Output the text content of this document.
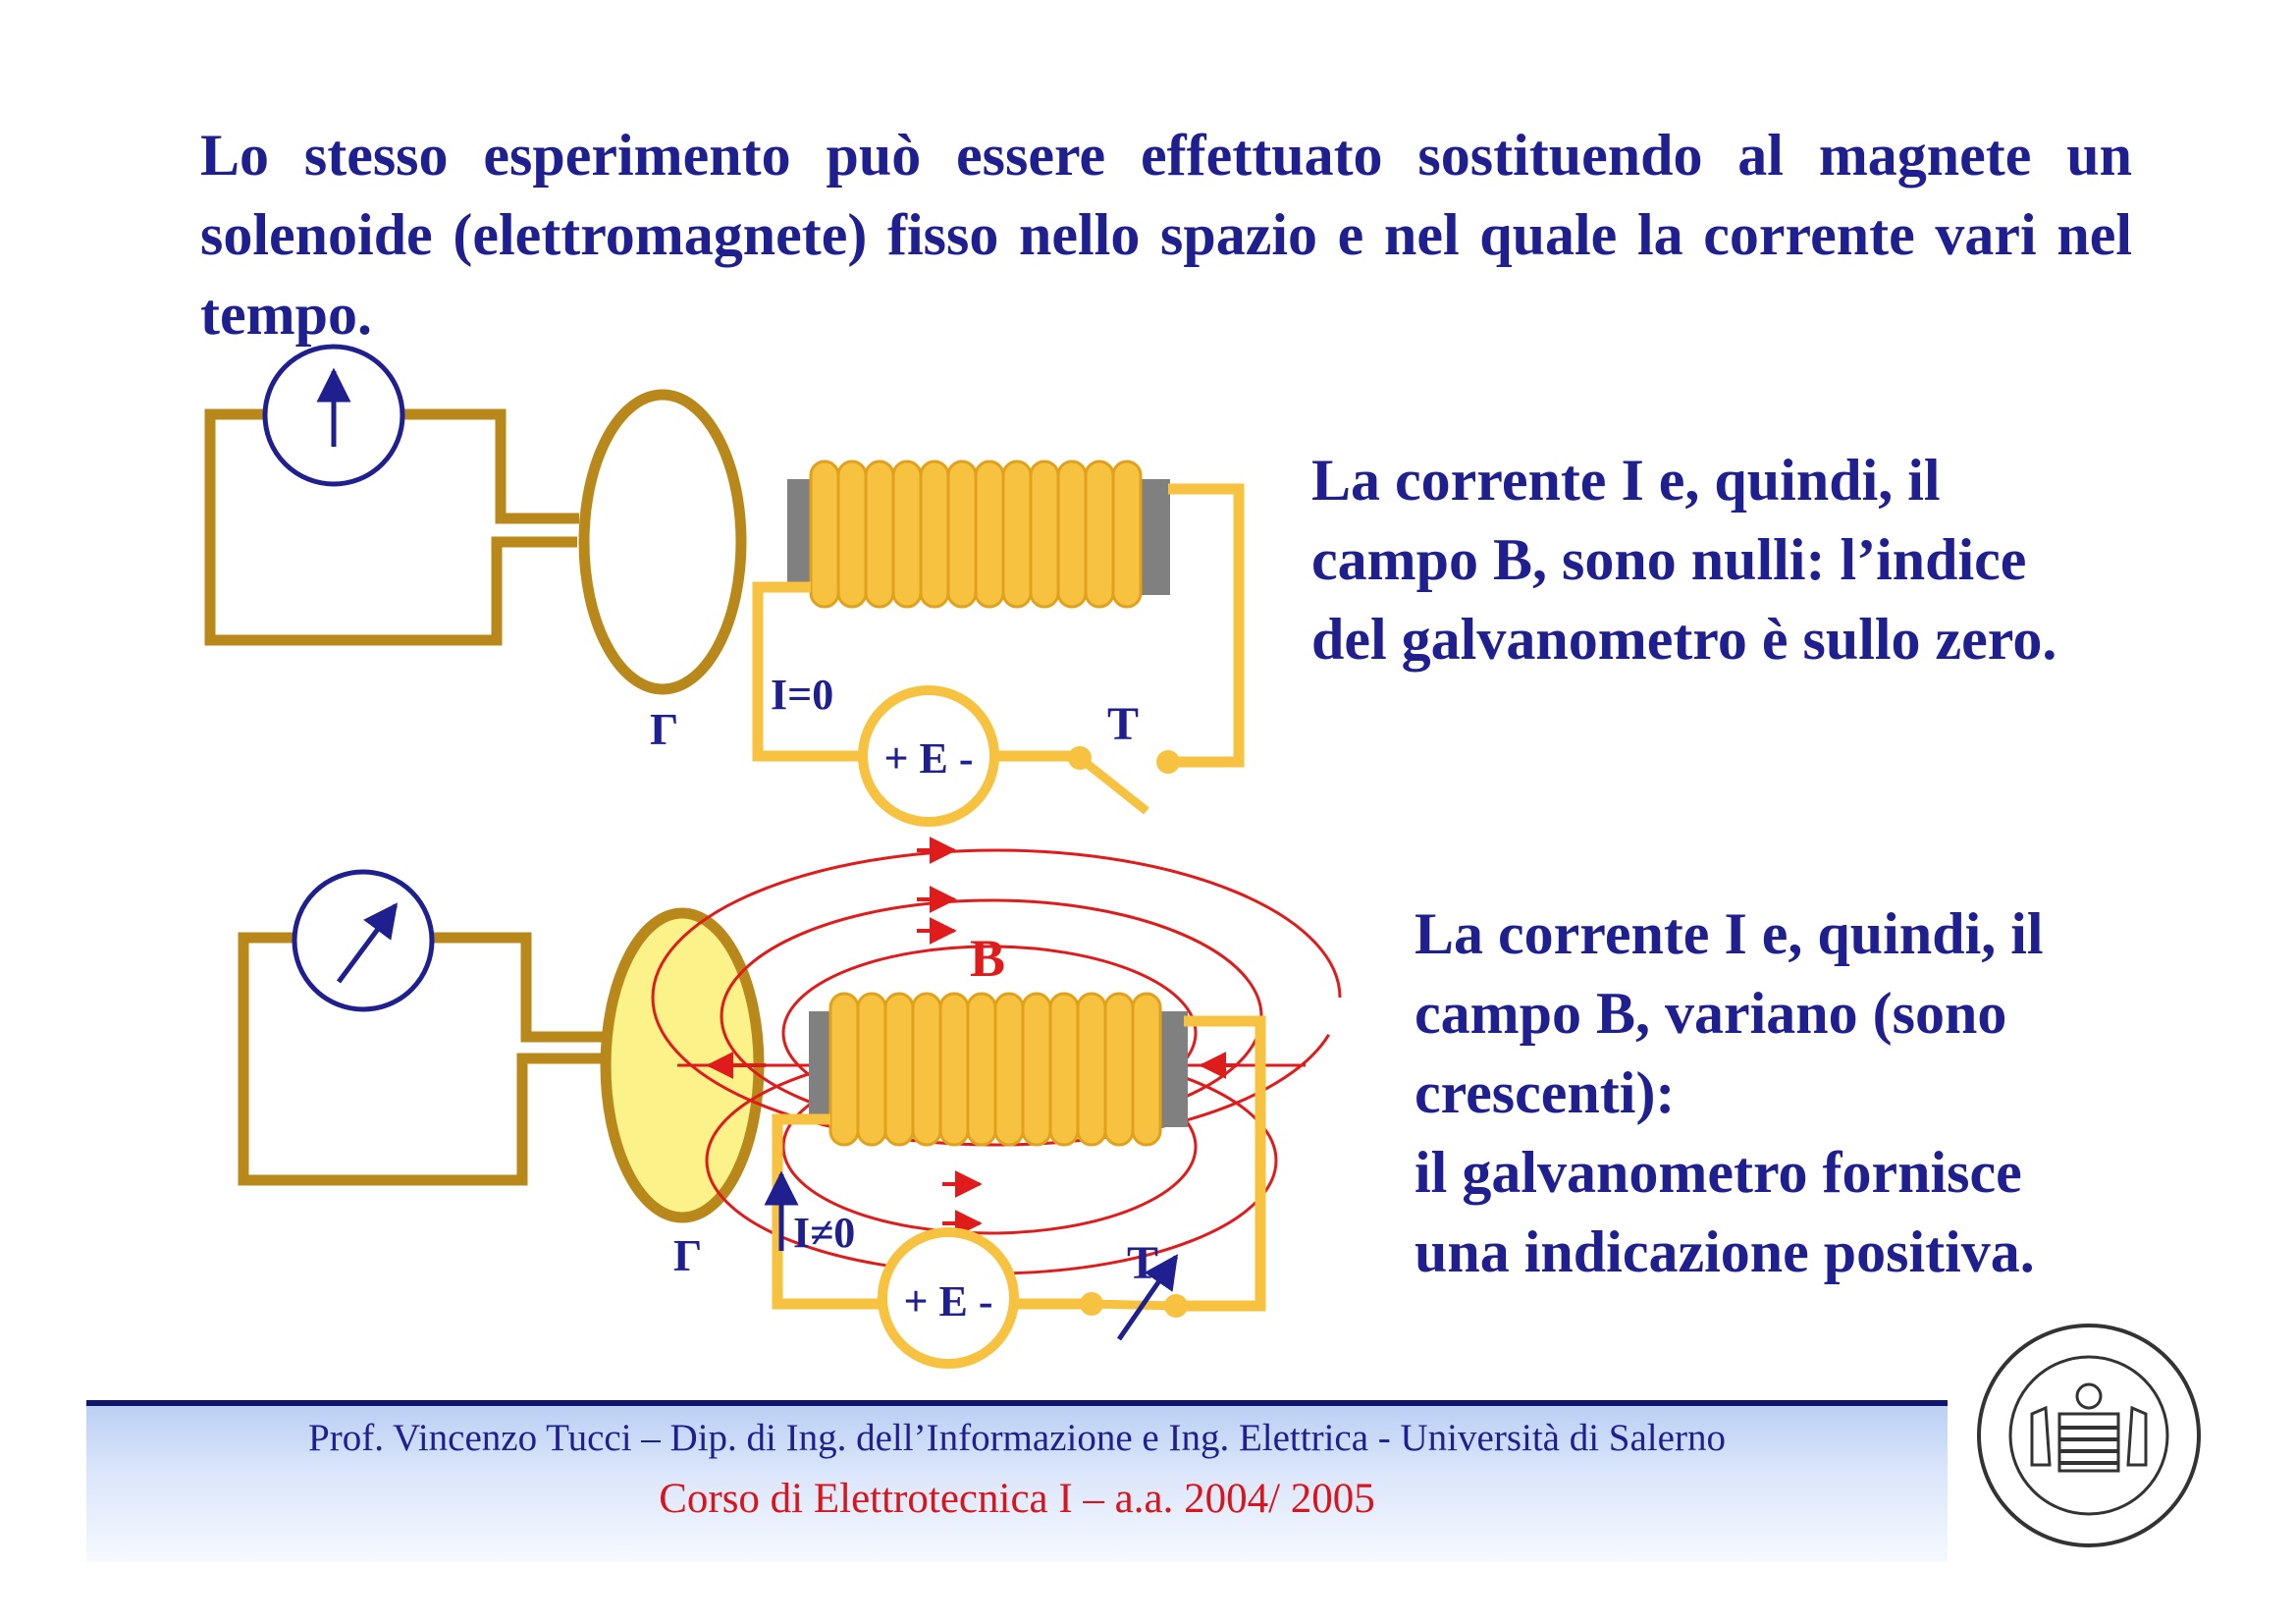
Lo stesso esperimento può essere effettuato sostituendo al magnete un solenoide (elettromagnete) fisso nello spazio e nel quale la corrente vari nel tempo.

Γ
I=0
+ E -
T
Γ I≠0
+ E -
T
B
La corrente I e, quindi, il
campo B, sono nulli: l’indice
del galvanometro è sullo zero.
La corrente I e, quindi, il
campo B, variano (sono
crescenti):
il galvanometro fornisce
una indicazione positiva.
Prof. Vincenzo Tucci – Dip. di Ing. dell’Informazione e Ing. Elettrica - Università di Salerno
Corso di Elettrotecnica I – a.a. 2004/ 2005
